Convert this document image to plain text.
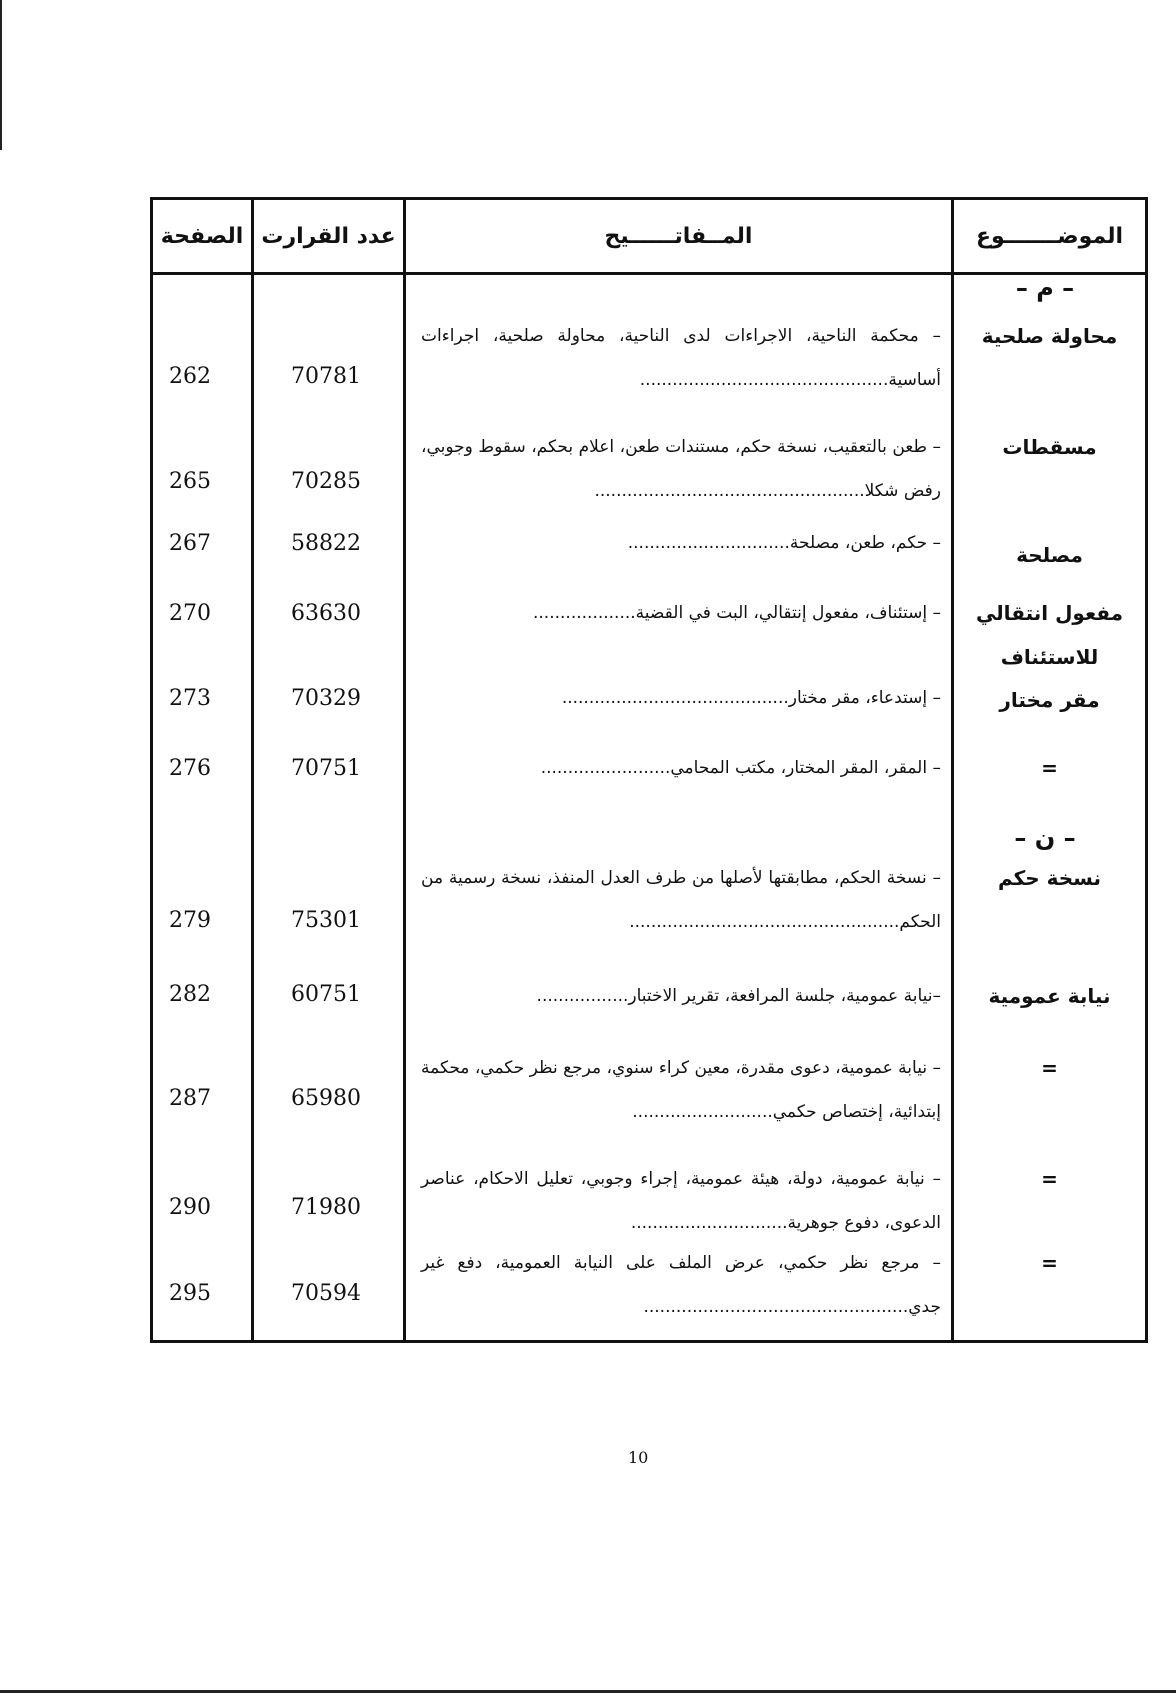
الموضـــــــوع
المــفاتــــــيح
عدد القرارت
الصفحة
– م –
محاولة صلحية
– محكمة الناحية، الاجراءات لدى الناحية، محاولة صلحية، اجراءات أساسية..............................................
70781
262
مسقطات
– طعن بالتعقيب، نسخة حكم، مستندات طعن، اعلام بحكم، سقوط وجوبي، رفض شكلا..................................................
70285
265
مصلحة
– حكم، طعن، مصلحة..............................
58822
267
مفعول انتقالي للاستئناف
– إستئناف، مفعول إنتقالي، البت في القضية...................
63630
270
مقر مختار
– إستدعاء، مقر مختار..........................................
70329
273
=
– المقر، المقر المختار، مكتب المحامي........................
70751
276
– ن –
نسخة حكم
– نسخة الحكم، مطابقتها لأصلها من طرف العدل المنفذ، نسخة رسمية من الحكم..................................................
75301
279
نيابة عمومية
–نيابة عمومية، جلسة المرافعة، تقرير الاختبار.................
60751
282
=
– نيابة عمومية، دعوى مقدرة، معين كراء سنوي، مرجع نظر حكمي، محكمة إبتدائية، إختصاص حكمي..........................
65980
287
=
– نيابة عمومية، دولة، هيئة عمومية، إجراء وجوبي، تعليل الاحكام، عناصر الدعوى، دفوع جوهرية.............................
71980
290
=
– مرجع نظر حكمي، عرض الملف على النيابة العمومية، دفع غير جدي.................................................
70594
295
10
